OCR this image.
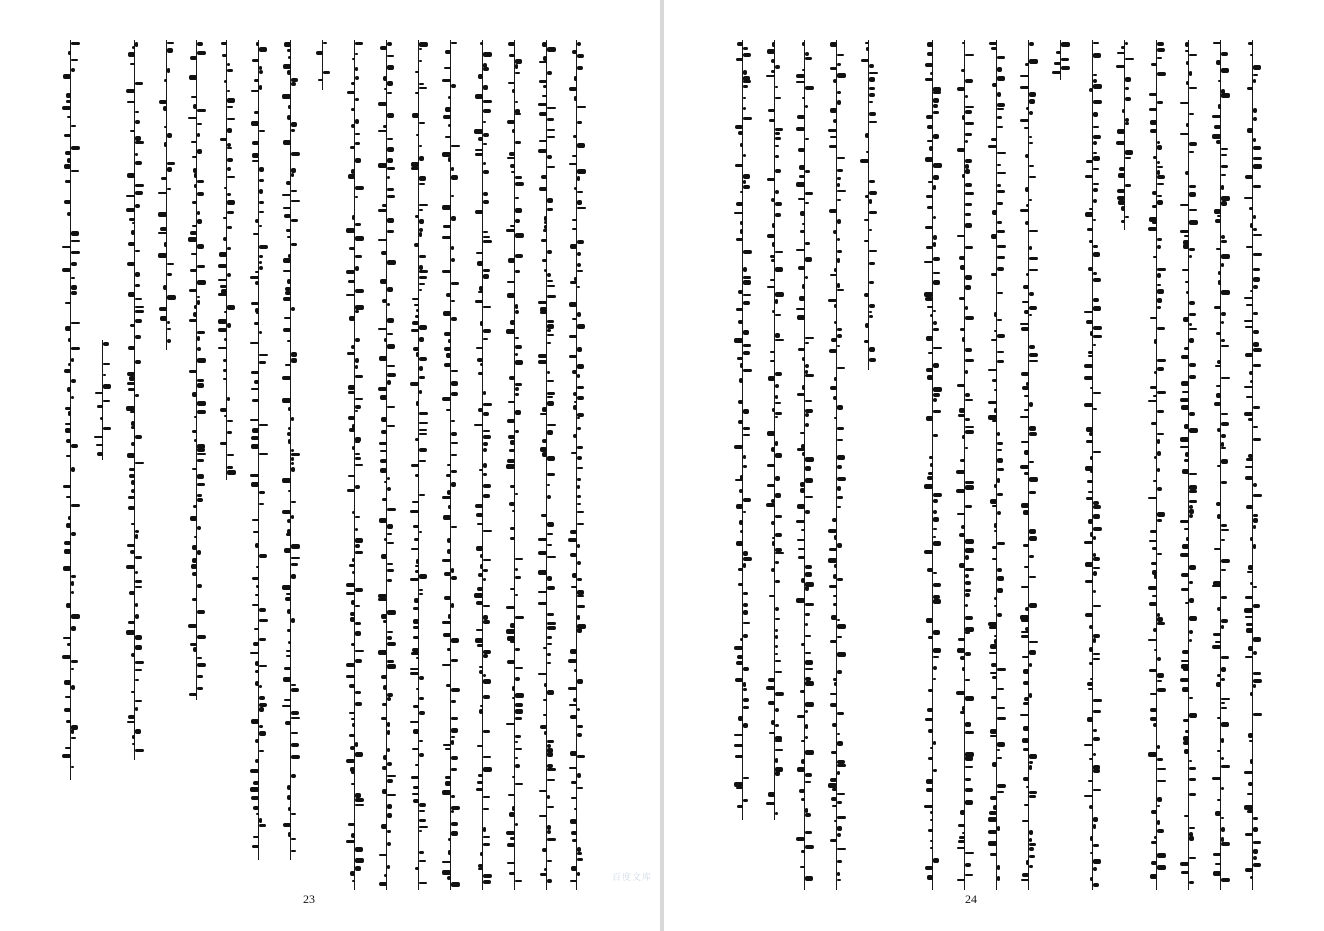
23	24
百度文库
